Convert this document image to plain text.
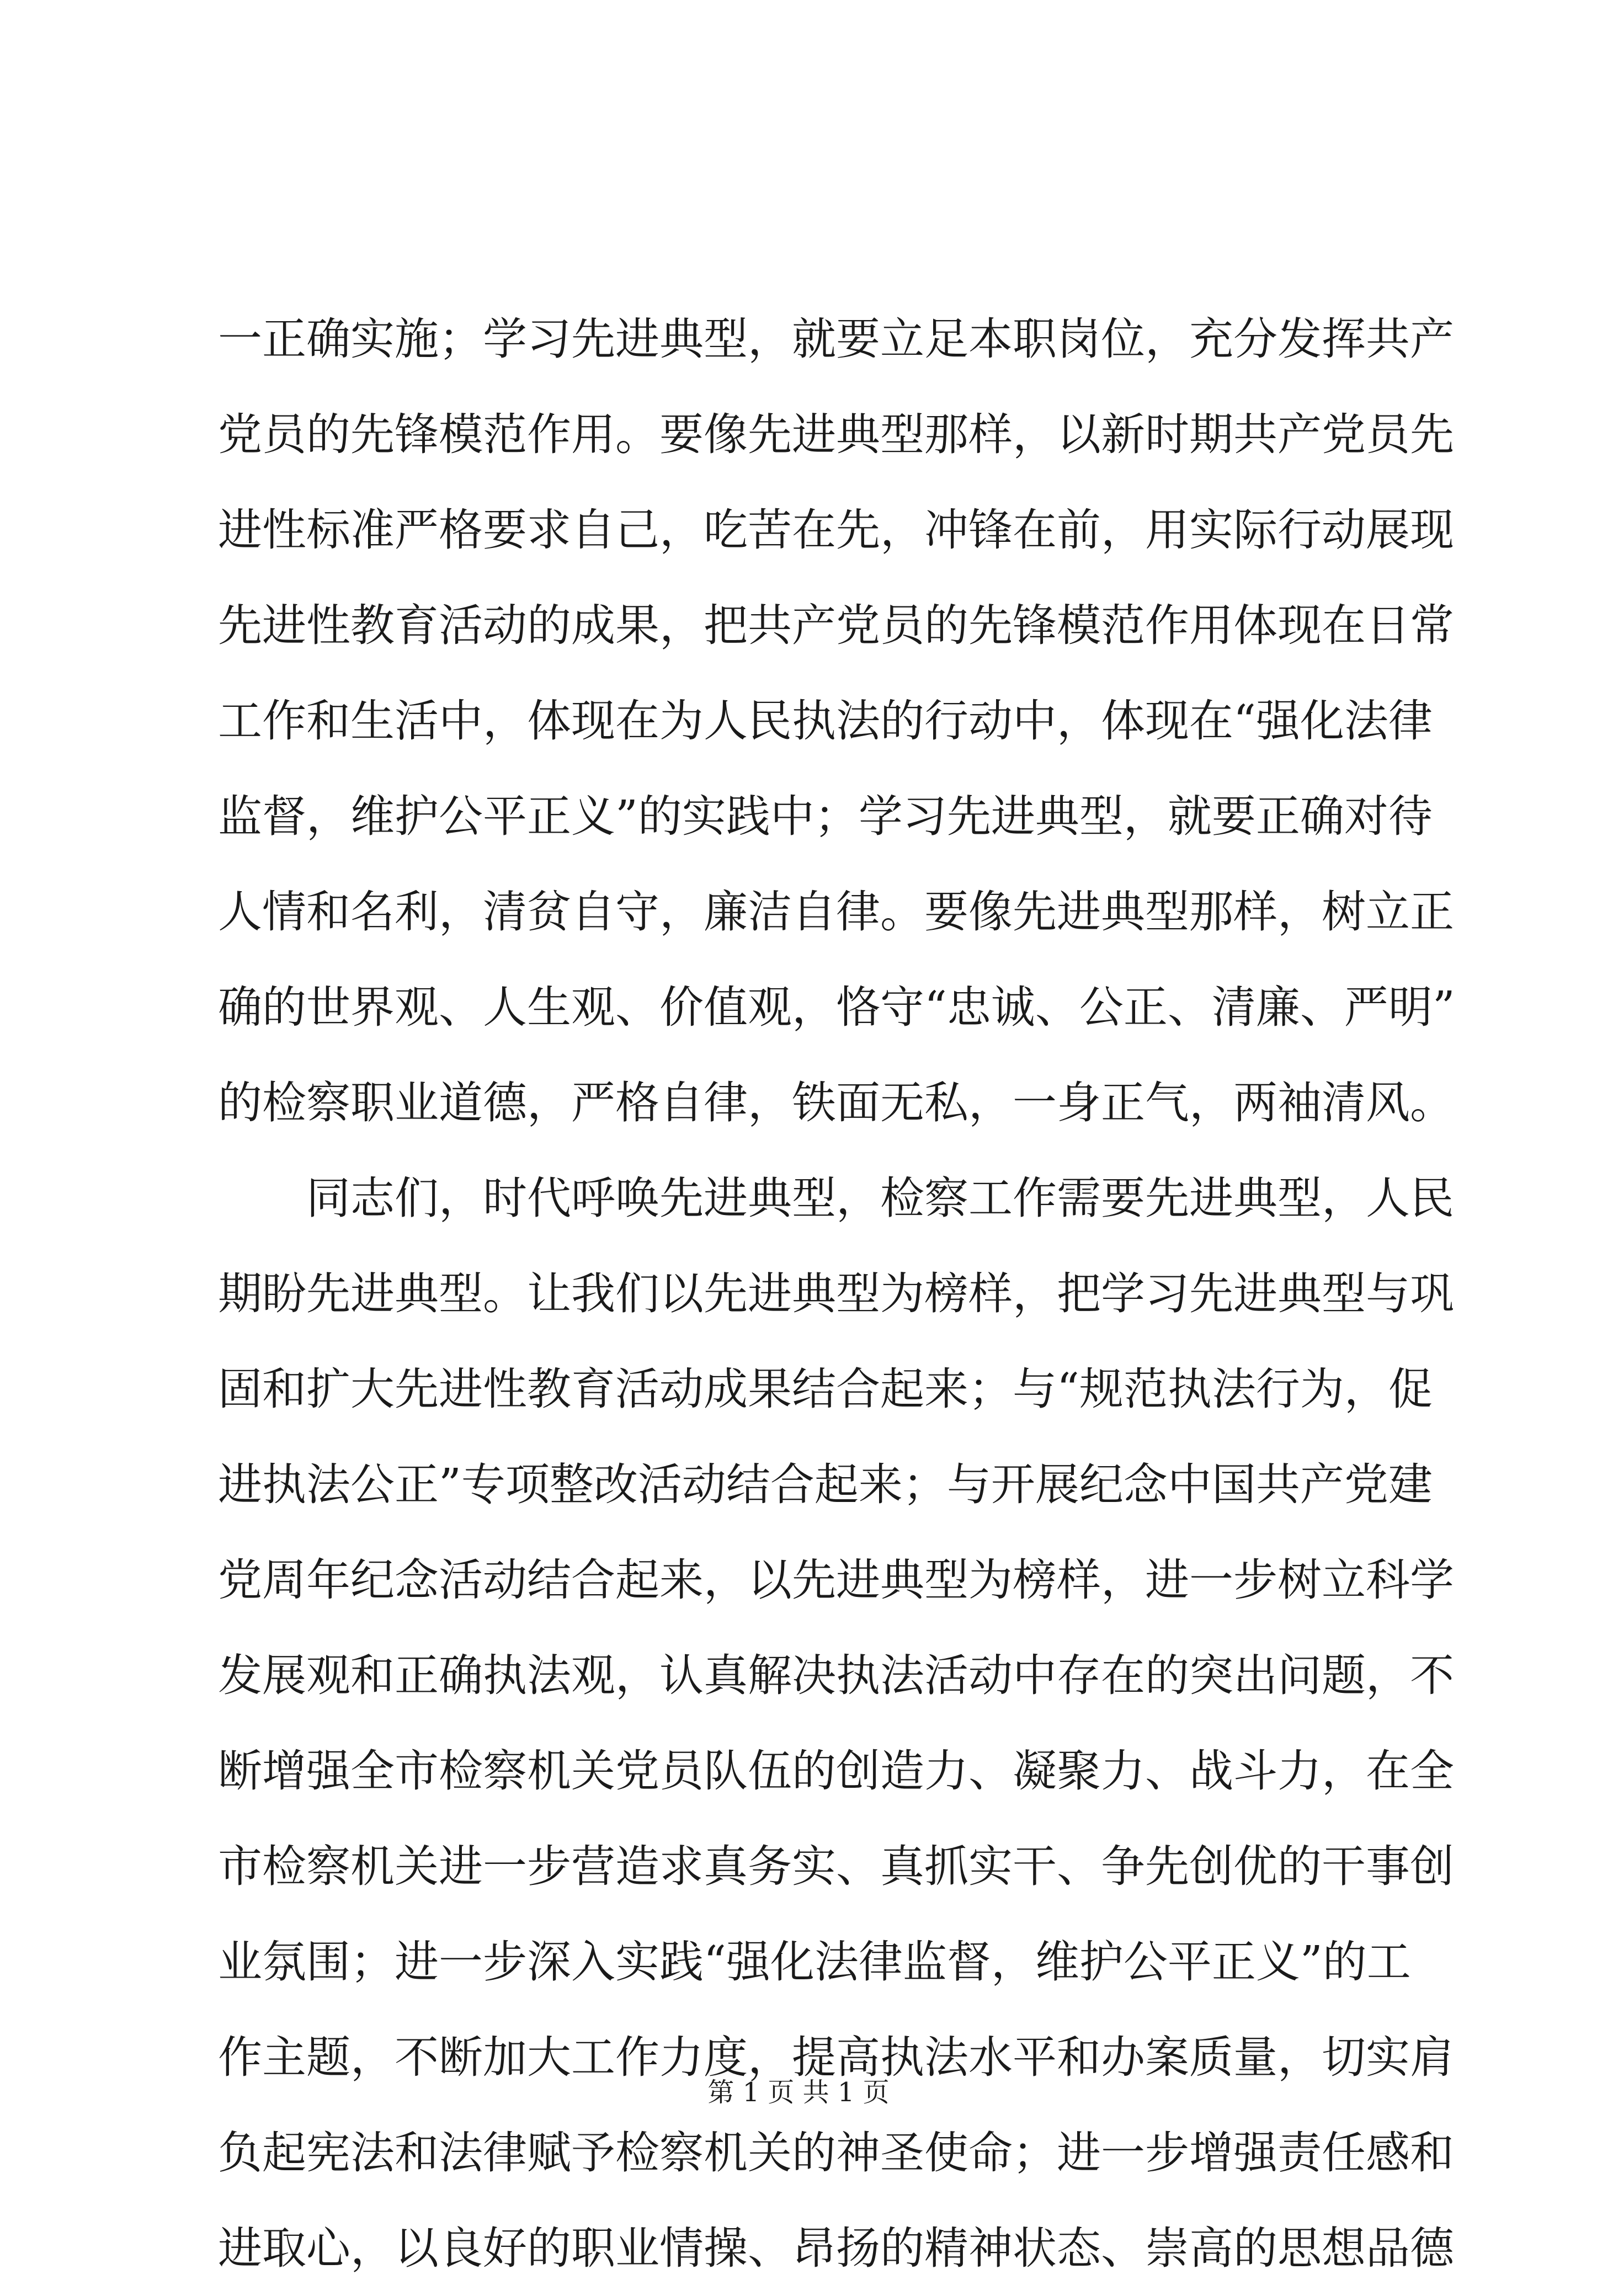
一正确实施；学习先进典型，就要立足本职岗位，充分发挥共产
党员的先锋模范作用。要像先进典型那样，以新时期共产党员先
进性标准严格要求自己，吃苦在先，冲锋在前，用实际行动展现
先进性教育活动的成果，把共产党员的先锋模范作用体现在日常
工作和生活中，体现在为人民执法的行动中，体现在“强化法律
监督，维护公平正义”的实践中；学习先进典型，就要正确对待
人情和名利，清贫自守，廉洁自律。要像先进典型那样，树立正
确的世界观、人生观、价值观，恪守“忠诚、公正、清廉、严明”
的检察职业道德，严格自律，铁面无私，一身正气，两袖清风。
同志们，时代呼唤先进典型，检察工作需要先进典型，人民
期盼先进典型。让我们以先进典型为榜样，把学习先进典型与巩
固和扩大先进性教育活动成果结合起来；与“规范执法行为，促
进执法公正”专项整改活动结合起来；与开展纪念中国共产党建
党周年纪念活动结合起来，以先进典型为榜样，进一步树立科学
发展观和正确执法观，认真解决执法活动中存在的突出问题，不
断增强全市检察机关党员队伍的创造力、凝聚力、战斗力，在全
市检察机关进一步营造求真务实、真抓实干、争先创优的干事创
业氛围；进一步深入实践“强化法律监督，维护公平正义”的工
作主题，不断加大工作力度，提高执法水平和办案质量，切实肩
负起宪法和法律赋予检察机关的神圣使命；进一步增强责任感和
进取心，以良好的职业情操、昂扬的精神状态、崇高的思想品德
第 1 页 共 1 页
